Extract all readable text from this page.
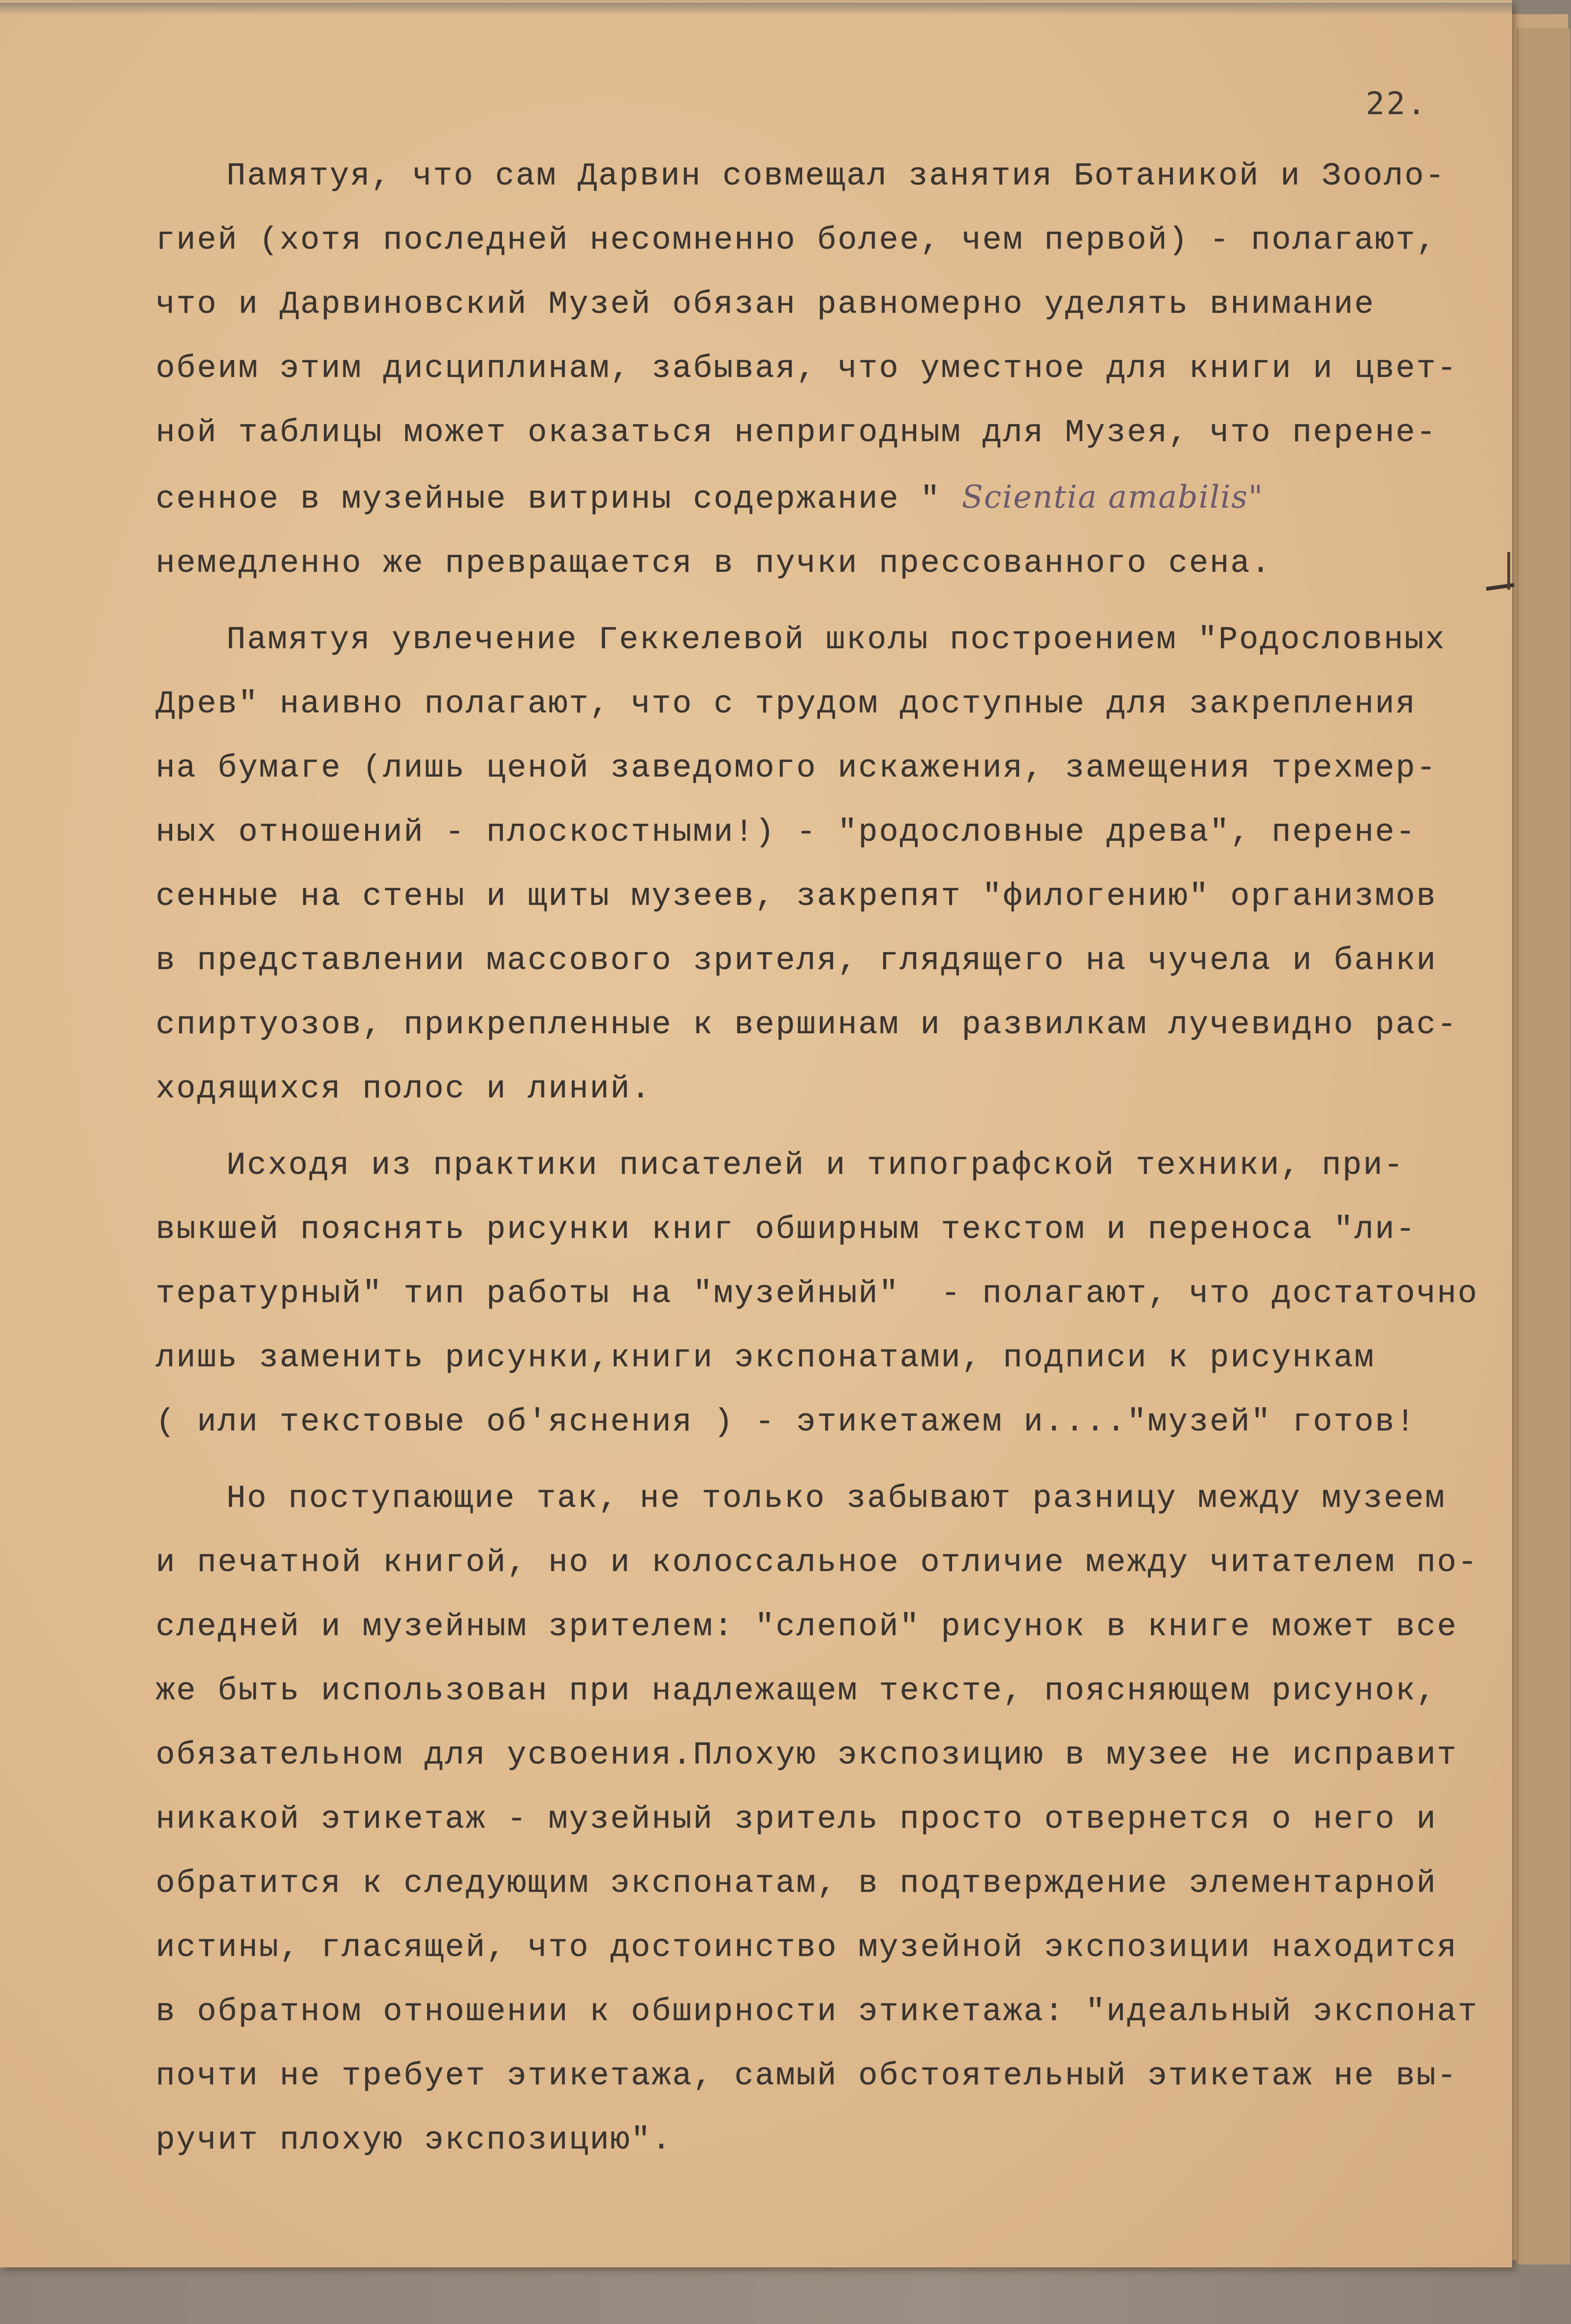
22.
Памятуя, что сам Дарвин совмещал занятия Ботаникой и Зооло-
гией (хотя последней несомненно более, чем первой) - полагают,
что и Дарвиновский Музей обязан равномерно уделять внимание
обеим этим дисциплинам, забывая, что уместное для книги и цвет-
ной таблицы может оказаться непригодным для Музея, что перене-
сенное в музейные витрины содержание " Scientia amabilis"
немедленно же превращается в пучки прессованного сена.
Памятуя увлечение Геккелевой школы построением "Родословных
Древ" наивно полагают, что с трудом доступные для закрепления
на бумаге (лишь ценой заведомого искажения, замещения трехмер-
ных отношений - плоскостными!) - "родословные древа", перене-
сенные на стены и щиты музеев, закрепят "филогению" организмов
в представлении массового зрителя, глядящего на чучела и банки
спиртуозов, прикрепленные к вершинам и развилкам лучевидно рас-
ходящихся полос и линий.
Исходя из практики писателей и типографской техники, при-
выкшей пояснять рисунки книг обширным текстом и переноса "ли-
тературный" тип работы на "музейный"  - полагают, что достаточно
лишь заменить рисунки,книги экспонатами, подписи к рисункам
( или текстовые об'яснения ) - этикетажем и...."музей" готов!
Но поступающие так, не только забывают разницу между музеем
и печатной книгой, но и колоссальное отличие между читателем по-
следней и музейным зрителем: "слепой" рисунок в книге может все
же быть использован при надлежащем тексте, поясняющем рисунок,
обязательном для усвоения.Плохую экспозицию в музее не исправит
никакой этикетаж - музейный зритель просто отвернется о него и
обратится к следующим экспонатам, в подтверждение элементарной
истины, гласящей, что достоинство музейной экспозиции находится
в обратном отношении к обширности этикетажа: "идеальный экспонат
почти не требует этикетажа, самый обстоятельный этикетаж не вы-
ручит плохую экспозицию".
